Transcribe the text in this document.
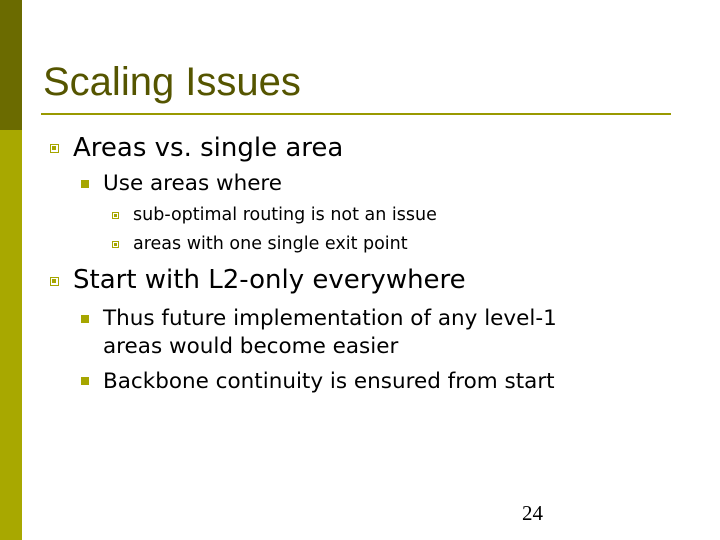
Scaling Issues
Areas vs. single area
Use areas where
sub-optimal routing is not an issue
areas with one single exit point
Start with L2-only everywhere
Thus future implementation of any level-1
areas would become easier
Backbone continuity is ensured from start
24
